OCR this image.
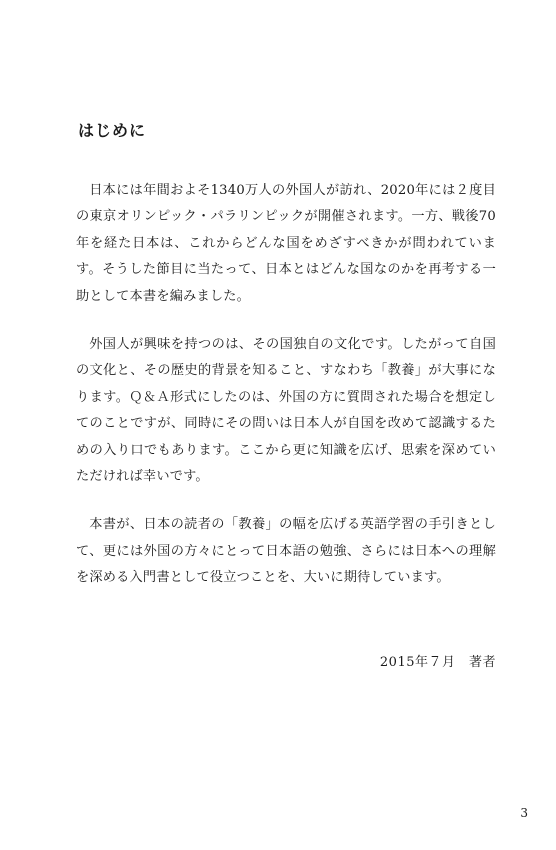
はじめに

日本には年間およそ1340万人の外国人が訪れ、2020年には２度目の東京オリンピック・パラリンピックが開催されます。一方、戦後70年を経た日本は、これからどんな国をめざすべきかが問われています。そうした節目に当たって、日本とはどんな国なのかを再考する一助として本書を編みました。

外国人が興味を持つのは、その国独自の文化です。したがって自国の文化と、その歴史的背景を知ること、すなわち「教養」が大事になります。Ｑ＆Ａ形式にしたのは、外国の方に質問された場合を想定してのことですが、同時にその問いは日本人が自国を改めて認識するための入り口でもあります。ここから更に知識を広げ、思索を深めていただければ幸いです。

本書が、日本の読者の「教養」の幅を広げる英語学習の手引きとして、更には外国の方々にとって日本語の勉強、さらには日本への理解を深める入門書として役立つことを、大いに期待しています。

2015年７月　著者

3
